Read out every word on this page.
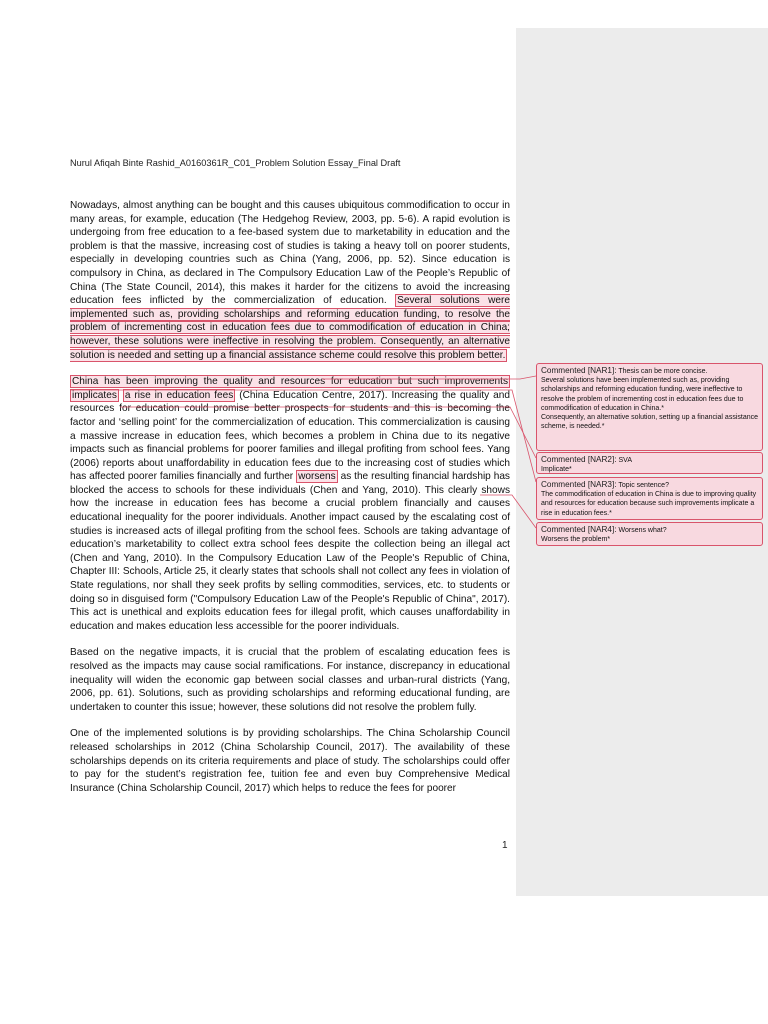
Nurul Afiqah Binte Rashid_A0160361R_C01_Problem Solution Essay_Final Draft

Nowadays, almost anything can be bought and this causes ubiquitous commodification to occur in many areas, for example, education (The Hedgehog Review, 2003, pp. 5-6). A rapid evolution is undergoing from free education to a fee-based system due to marketability in education and the problem is that the massive, increasing cost of studies is taking a heavy toll on poorer students, especially in developing countries such as China (Yang, 2006, pp. 52). Since education is compulsory in China, as declared in The Compulsory Education Law of the People’s Republic of China (The State Council, 2014), this makes it harder for the citizens to avoid the increasing education fees inflicted by the commercialization of education. Several solutions were implemented such as, providing scholarships and reforming education funding, to resolve the problem of incrementing cost in education fees due to commodification of education in China; however, these solutions were ineffective in resolving the problem. Consequently, an alternative solution is needed and setting up a financial assistance scheme could resolve this problem better.

China has been improving the quality and resources for education but such improvements implicates a rise in education fees (China Education Centre, 2017). Increasing the quality and resources for education could promise better prospects for students and this is becoming the factor and ‘selling point’ for the commercialization of education. This commercialization is causing a massive increase in education fees, which becomes a problem in China due to its negative impacts such as financial problems for poorer families and illegal profiting from school fees. Yang (2006) reports about unaffordability in education fees due to the increasing cost of studies which has affected poorer families financially and further worsens as the resulting financial hardship has blocked the access to schools for these individuals (Chen and Yang, 2010). This clearly shows how the increase in education fees has become a crucial problem financially and causes educational inequality for the poorer individuals. Another impact caused by the escalating cost of studies is increased acts of illegal profiting from the school fees. Schools are taking advantage of education’s marketability to collect extra school fees despite the collection being an illegal act (Chen and Yang, 2010). In the Compulsory Education Law of the People's Republic of China, Chapter III: Schools, Article 25, it clearly states that schools shall not collect any fees in violation of State regulations, nor shall they seek profits by selling commodities, services, etc. to students or doing so in disguised form ("Compulsory Education Law of the People's Republic of China", 2017). This act is unethical and exploits education fees for illegal profit, which causes unaffordability in education and makes education less accessible for the poorer individuals.

Based on the negative impacts, it is crucial that the problem of escalating education fees is resolved as the impacts may cause social ramifications. For instance, discrepancy in educational inequality will widen the economic gap between social classes and urban-rural districts (Yang, 2006, pp. 61). Solutions, such as providing scholarships and reforming educational funding, are undertaken to counter this issue; however, these solutions did not resolve the problem fully.

One of the implemented solutions is by providing scholarships. The China Scholarship Council released scholarships in 2012 (China Scholarship Council, 2017). The availability of these scholarships depends on its criteria requirements and place of study. The scholarships could offer to pay for the student’s registration fee, tuition fee and even buy Comprehensive Medical Insurance (China Scholarship Council, 2017) which helps to reduce the fees for poorer

1
Commented [NAR1]: Thesis can be more concise.
Several solutions have been implemented such as, providing scholarships and reforming education funding, were ineffective to resolve the problem of incrementing cost in education fees due to commodification of education in China.*
Consequently, an alternative solution, setting up a financial assistance scheme, is needed.*
Commented [NAR2]: SVA
Implicate*
Commented [NAR3]: Topic sentence?
The commodification of education in China is due to improving quality and resources for education because such improvements implicate a rise in education fees.*
Commented [NAR4]: Worsens what?
Worsens the problem*
